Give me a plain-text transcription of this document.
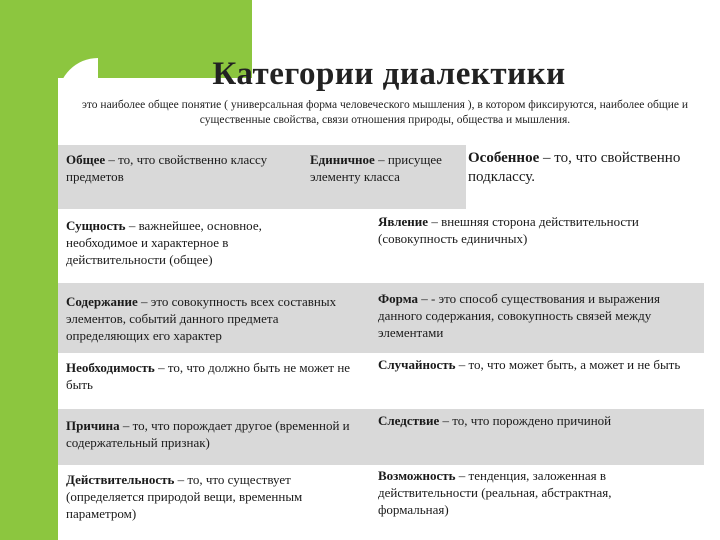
Категории диалектики
это наиболее общее понятие ( универсальная форма человеческого мышления ), в котором фиксируются, наиболее общие и существенные свойства, связи отношения природы, общества и мышления.
Общее – то, что свойственно классу предметов
Единичное – присущее элементу класса
Особенное – то, что свойственно подклассу.
Сущность – важнейшее, основное, необходимое и характерное в действительности (общее)
Явление – внешняя сторона действительности (совокупность единичных)
Содержание – это совокупность всех составных элементов, событий данного предмета определяющих его характер
Форма – - это способ существования и выражения данного содержания, совокупность связей между элементами
Необходимость – то, что должно быть не может не быть
Случайность – то, что может быть, а может и не быть
Причина – то, что порождает другое (временной и содержательный признак)
Следствие – то, что порождено причиной
Действительность – то, что существует (определяется природой вещи, временным параметром)
Возможность – тенденция, заложенная в действительности (реальная, абстрактная, формальная)
